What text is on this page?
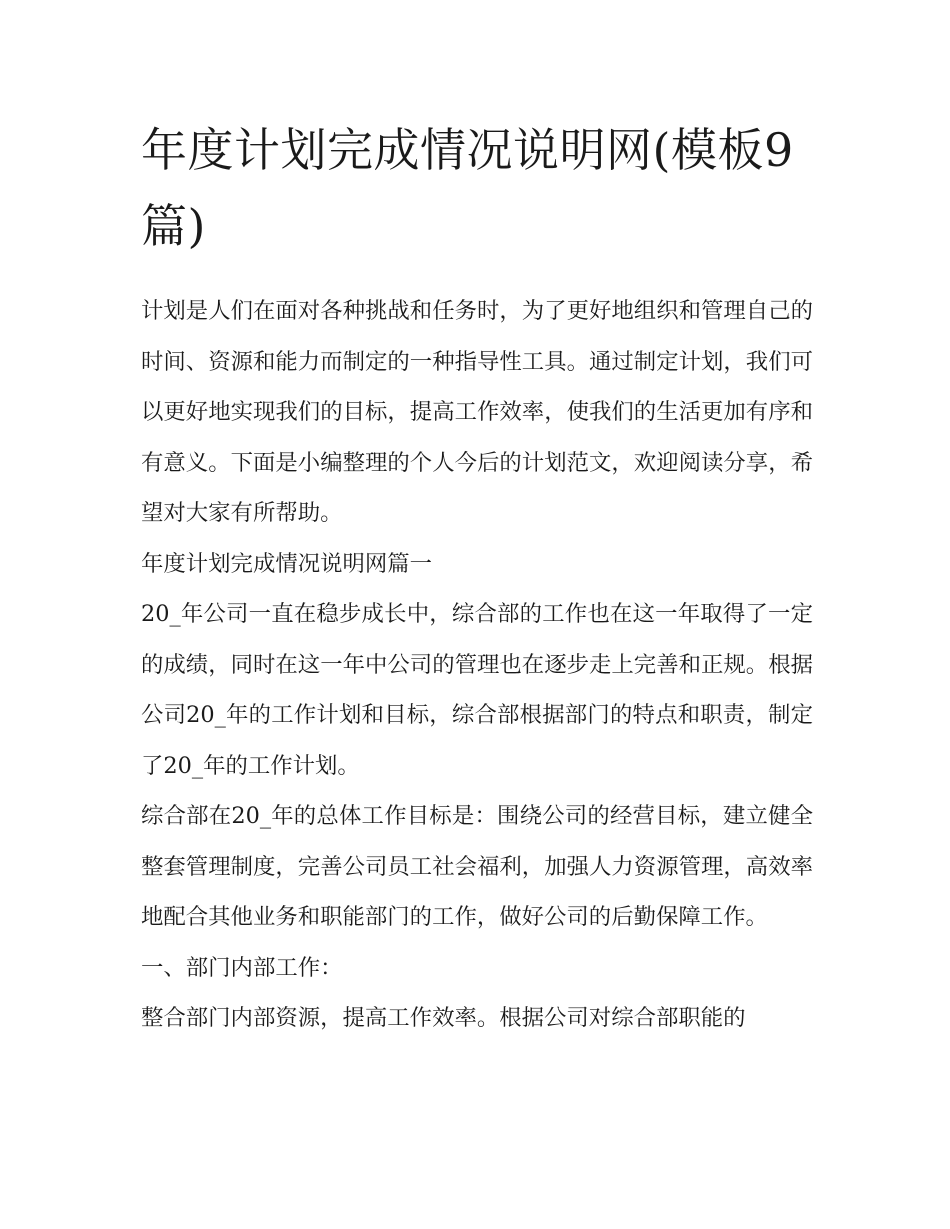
年度计划完成情况说明网(模板9篇)

计划是人们在面对各种挑战和任务时，为了更好地组织和管理自己的时间、资源和能力而制定的一种指导性工具。通过制定计划，我们可以更好地实现我们的目标，提高工作效率，使我们的生活更加有序和有意义。下面是小编整理的个人今后的计划范文，欢迎阅读分享，希望对大家有所帮助。

年度计划完成情况说明网篇一

20_年公司一直在稳步成长中，综合部的工作也在这一年取得了一定的成绩，同时在这一年中公司的管理也在逐步走上完善和正规。根据公司20_年的工作计划和目标，综合部根据部门的特点和职责，制定了20_年的工作计划。

综合部在20_年的总体工作目标是：围绕公司的经营目标，建立健全整套管理制度，完善公司员工社会福利，加强人力资源管理，高效率地配合其他业务和职能部门的工作，做好公司的后勤保障工作。

一、部门内部工作：

整合部门内部资源，提高工作效率。根据公司对综合部职能的
